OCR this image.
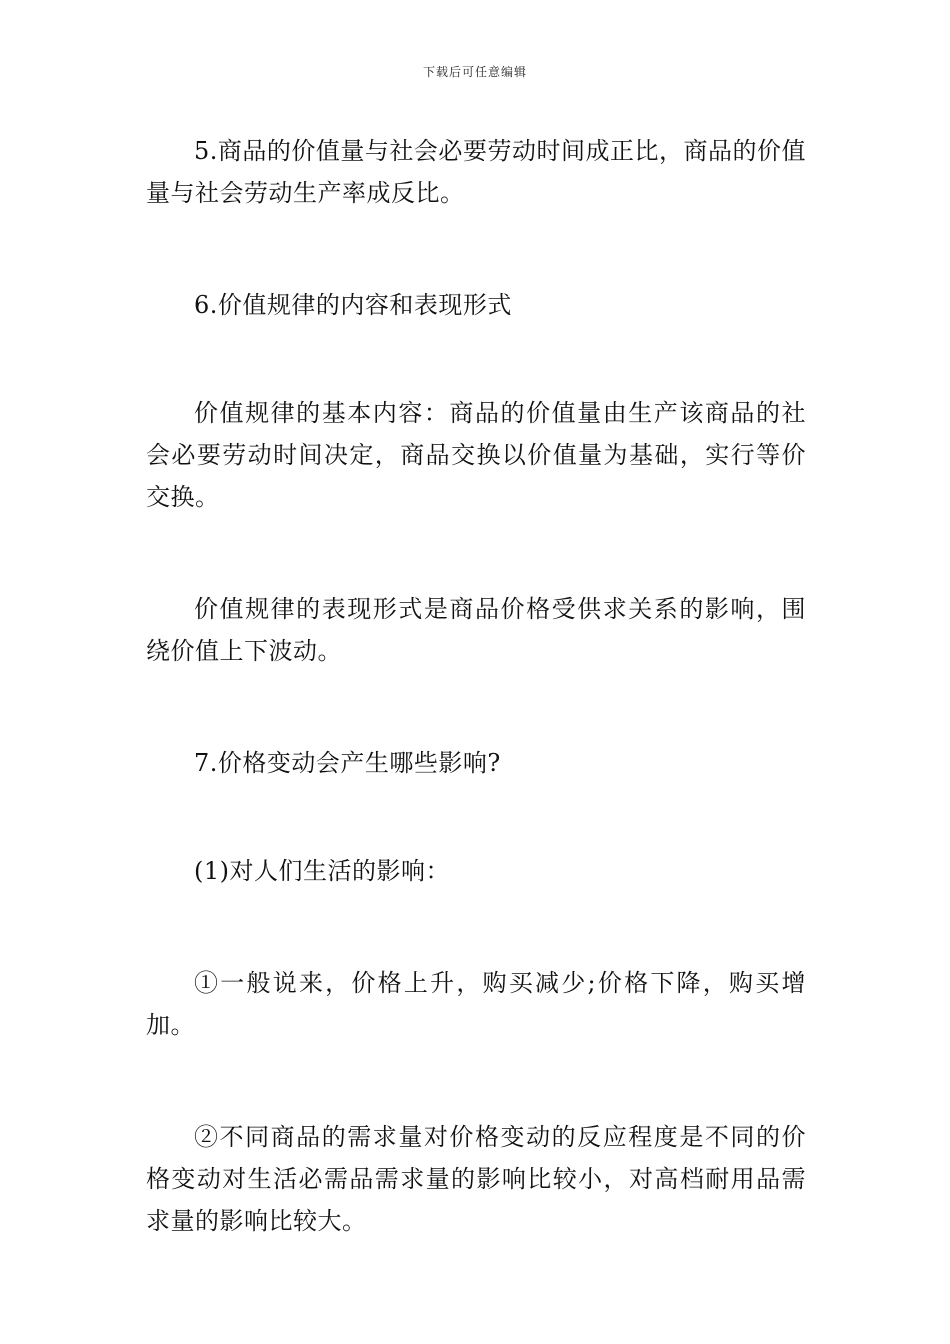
下载后可任意编辑

5.商品的价值量与社会必要劳动时间成正比，商品的价值量与社会劳动生产率成反比。

6.价值规律的内容和表现形式

价值规律的基本内容：商品的价值量由生产该商品的社会必要劳动时间决定，商品交换以价值量为基础，实行等价交换。

价值规律的表现形式是商品价格受供求关系的影响，围绕价值上下波动。

7.价格变动会产生哪些影响?

(1)对人们生活的影响：

①一般说来，价格上升，购买减少;价格下降，购买增加。

②不同商品的需求量对价格变动的反应程度是不同的价格变动对生活必需品需求量的影响比较小，对高档耐用品需求量的影响比较大。
